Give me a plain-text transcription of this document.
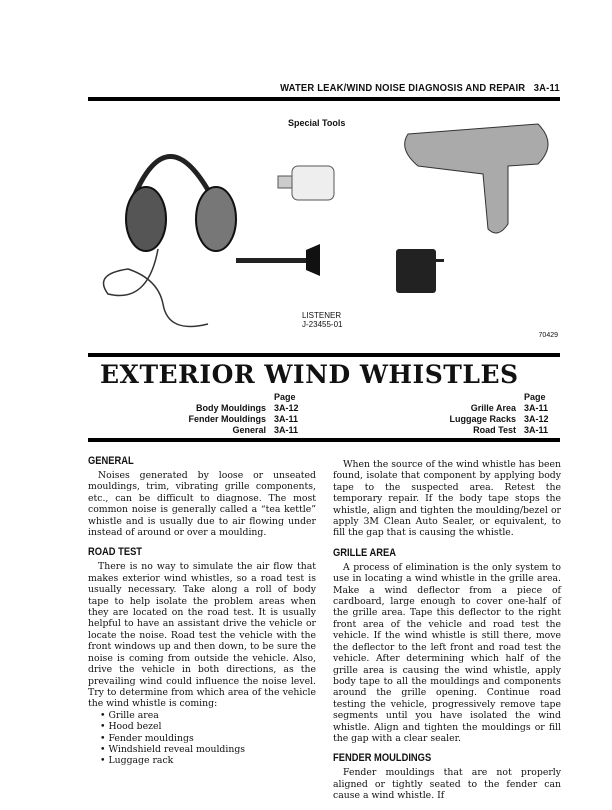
WATER LEAK/WIND NOISE DIAGNOSIS AND REPAIR 3A-11
Special Tools
LISTENER
J-23455-01
70429
EXTERIOR WIND WHISTLES
Page
Body Mouldings 3A-12
Fender Mouldings 3A-11
General 3A-11
Page
Grille Area 3A-11
Luggage Racks 3A-12
Road Test 3A-11
GENERAL

Noises generated by loose or unseated mouldings, trim, vibrating grille components, etc., can be difficult to diagnose. The most common noise is generally called a “tea kettle” whistle and is usually due to air flowing under instead of around or over a moulding.

ROAD TEST

There is no way to simulate the air flow that makes exterior wind whistles, so a road test is usually necessary. Take along a roll of body tape to help isolate the problem areas when they are located on the road test. It is usually helpful to have an assistant drive the vehicle or locate the noise. Road test the vehicle with the front windows up and then down, to be sure the noise is coming from outside the vehicle. Also, drive the vehicle in both directions, as the prevailing wind could influence the noise level. Try to determine from which area of the vehicle the wind whistle is coming:

• Grille area
• Hood bezel
• Fender mouldings
• Windshield reveal mouldings
• Luggage rack

When the source of the wind whistle has been found, isolate that component by applying body tape to the suspected area. Retest the temporary repair. If the body tape stops the whistle, align and tighten the moulding/bezel or apply 3M Clean Auto Sealer, or equivalent, to fill the gap that is causing the whistle.

GRILLE AREA

A process of elimination is the only system to use in locating a wind whistle in the grille area. Make a wind deflector from a piece of cardboard, large enough to cover one-half of the grille area. Tape this deflector to the right front area of the vehicle and road test the vehicle. If the wind whistle is still there, move the deflector to the left front and road test the vehicle. After determining which half of the grille area is causing the wind whistle, apply body tape to all the mouldings and components around the grille opening. Continue road testing the vehicle, progressively remove tape segments until you have isolated the wind whistle. Align and tighten the mouldings or fill the gap with a clear sealer.

FENDER MOULDINGS

Fender mouldings that are not properly aligned or tightly seated to the fender can cause a wind whistle. If
